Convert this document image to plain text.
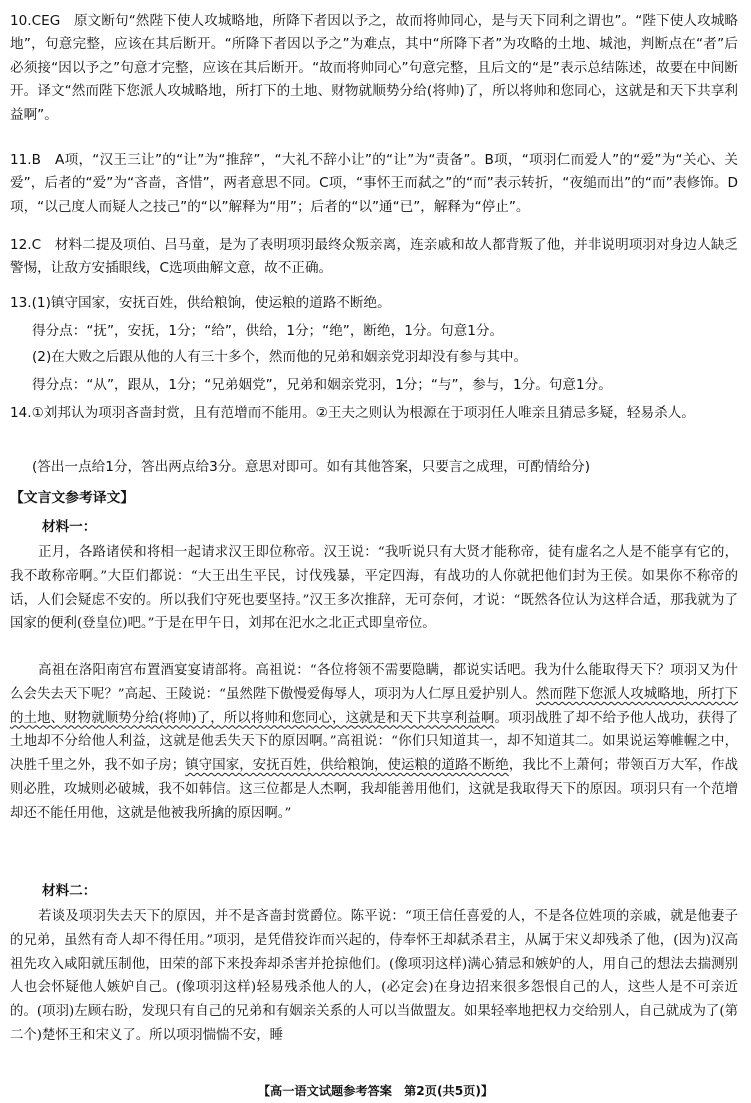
10.CEG　原文断句“然陛下使人攻城略地，所降下者因以予之，故而将帅同心，是与天下同利之谓也”。“陛下使人攻城略地”，句意完整，应该在其后断开。“所降下者因以予之”为难点，其中“所降下者”为攻略的土地、城池，判断点在“者”后必须接“因以予之”句意才完整，应该在其后断开。“故而将帅同心”句意完整，且后文的“是”表示总结陈述，故要在中间断开。译文“然而陛下您派人攻城略地，所打下的土地、财物就顺势分给(将帅)了，所以将帅和您同心，这就是和天下共享利益啊”。

11.B　A项，“汉王三让”的“让”为“推辞”，“大礼不辞小让”的“让”为“责备”。B项，“项羽仁而爱人”的“爱”为“关心、关爱”，后者的“爱”为“吝啬，吝惜”，两者意思不同。C项，“事怀王而弑之”的“而”表示转折，“夜缒而出”的“而”表修饰。D项，“以己度人而疑人之技己”的“以”解释为“用”；后者的“以”通“已”，解释为“停止”。

12.C　材料二提及项伯、吕马童，是为了表明项羽最终众叛亲离，连亲戚和故人都背叛了他，并非说明项羽对身边人缺乏警惕，让敌方安插眼线，C选项曲解文意，故不正确。

13.(1)镇守国家，安抚百姓，供给粮饷，使运粮的道路不断绝。

得分点：“抚”，安抚，1分；“给”，供给，1分；“绝”，断绝，1分。句意1分。

(2)在大败之后跟从他的人有三十多个，然而他的兄弟和姻亲党羽却没有参与其中。

得分点：“从”，跟从，1分；“兄弟姻党”，兄弟和姻亲党羽，1分；“与”，参与，1分。句意1分。

14.①刘邦认为项羽吝啬封赏，且有范增而不能用。②王夫之则认为根源在于项羽任人唯亲且猜忌多疑，轻易杀人。

(答出一点给1分，答出两点给3分。意思对即可。如有其他答案，只要言之成理，可酌情给分)

【文言文参考译文】
材料一：

正月，各路诸侯和将相一起请求汉王即位称帝。汉王说：“我听说只有大贤才能称帝，徒有虚名之人是不能享有它的，我不敢称帝啊。”大臣们都说：“大王出生平民，讨伐残暴，平定四海，有战功的人你就把他们封为王侯。如果你不称帝的话，人们会疑虑不安的。所以我们守死也要坚持。”汉王多次推辞，无可奈何，才说：“既然各位认为这样合适，那我就为了国家的便利(登皇位)吧。”于是在甲午日，刘邦在汜水之北正式即皇帝位。

高祖在洛阳南宫布置酒宴宴请部将。高祖说：“各位将领不需要隐瞒，都说实话吧。我为什么能取得天下？项羽又为什么会失去天下呢？”高起、王陵说：“虽然陛下傲慢爱侮辱人，项羽为人仁厚且爱护别人。然而陛下您派人攻城略地，所打下的土地、财物就顺势分给(将帅)了，所以将帅和您同心，这就是和天下共享利益啊。项羽战胜了却不给予他人战功，获得了土地却不分给他人利益，这就是他丢失天下的原因啊。”高祖说：“你们只知道其一，却不知道其二。如果说运筹帷幄之中，决胜千里之外，我不如子房；镇守国家，安抚百姓，供给粮饷，使运粮的道路不断绝，我比不上萧何；带领百万大军，作战则必胜，攻城则必破城，我不如韩信。这三位都是人杰啊，我却能善用他们，这就是我取得天下的原因。项羽只有一个范增却还不能任用他，这就是他被我所擒的原因啊。”

材料二：

若谈及项羽失去天下的原因，并不是吝啬封赏爵位。陈平说：“项王信任喜爱的人，不是各位姓项的亲戚，就是他妻子的兄弟，虽然有奇人却不得任用。”项羽，是凭借狡诈而兴起的，侍奉怀王却弑杀君主，从属于宋义却残杀了他，(因为)汉高祖先攻入咸阳就压制他，田荣的部下来投奔却杀害并抢掠他们。(像项羽这样)满心猜忌和嫉妒的人，用自己的想法去揣测别人也会怀疑他人嫉妒自己。(像项羽这样)轻易残杀他人的人，(必定会)在身边招来很多怨恨自己的人，这些人是不可亲近的。(项羽)左顾右盼，发现只有自己的兄弟和有姻亲关系的人可以当做盟友。如果轻率地把权力交给别人，自己就成为了(第二个)楚怀王和宋义了。所以项羽惴惴不安，睡

【高一语文试题参考答案　第2页(共5页)】
